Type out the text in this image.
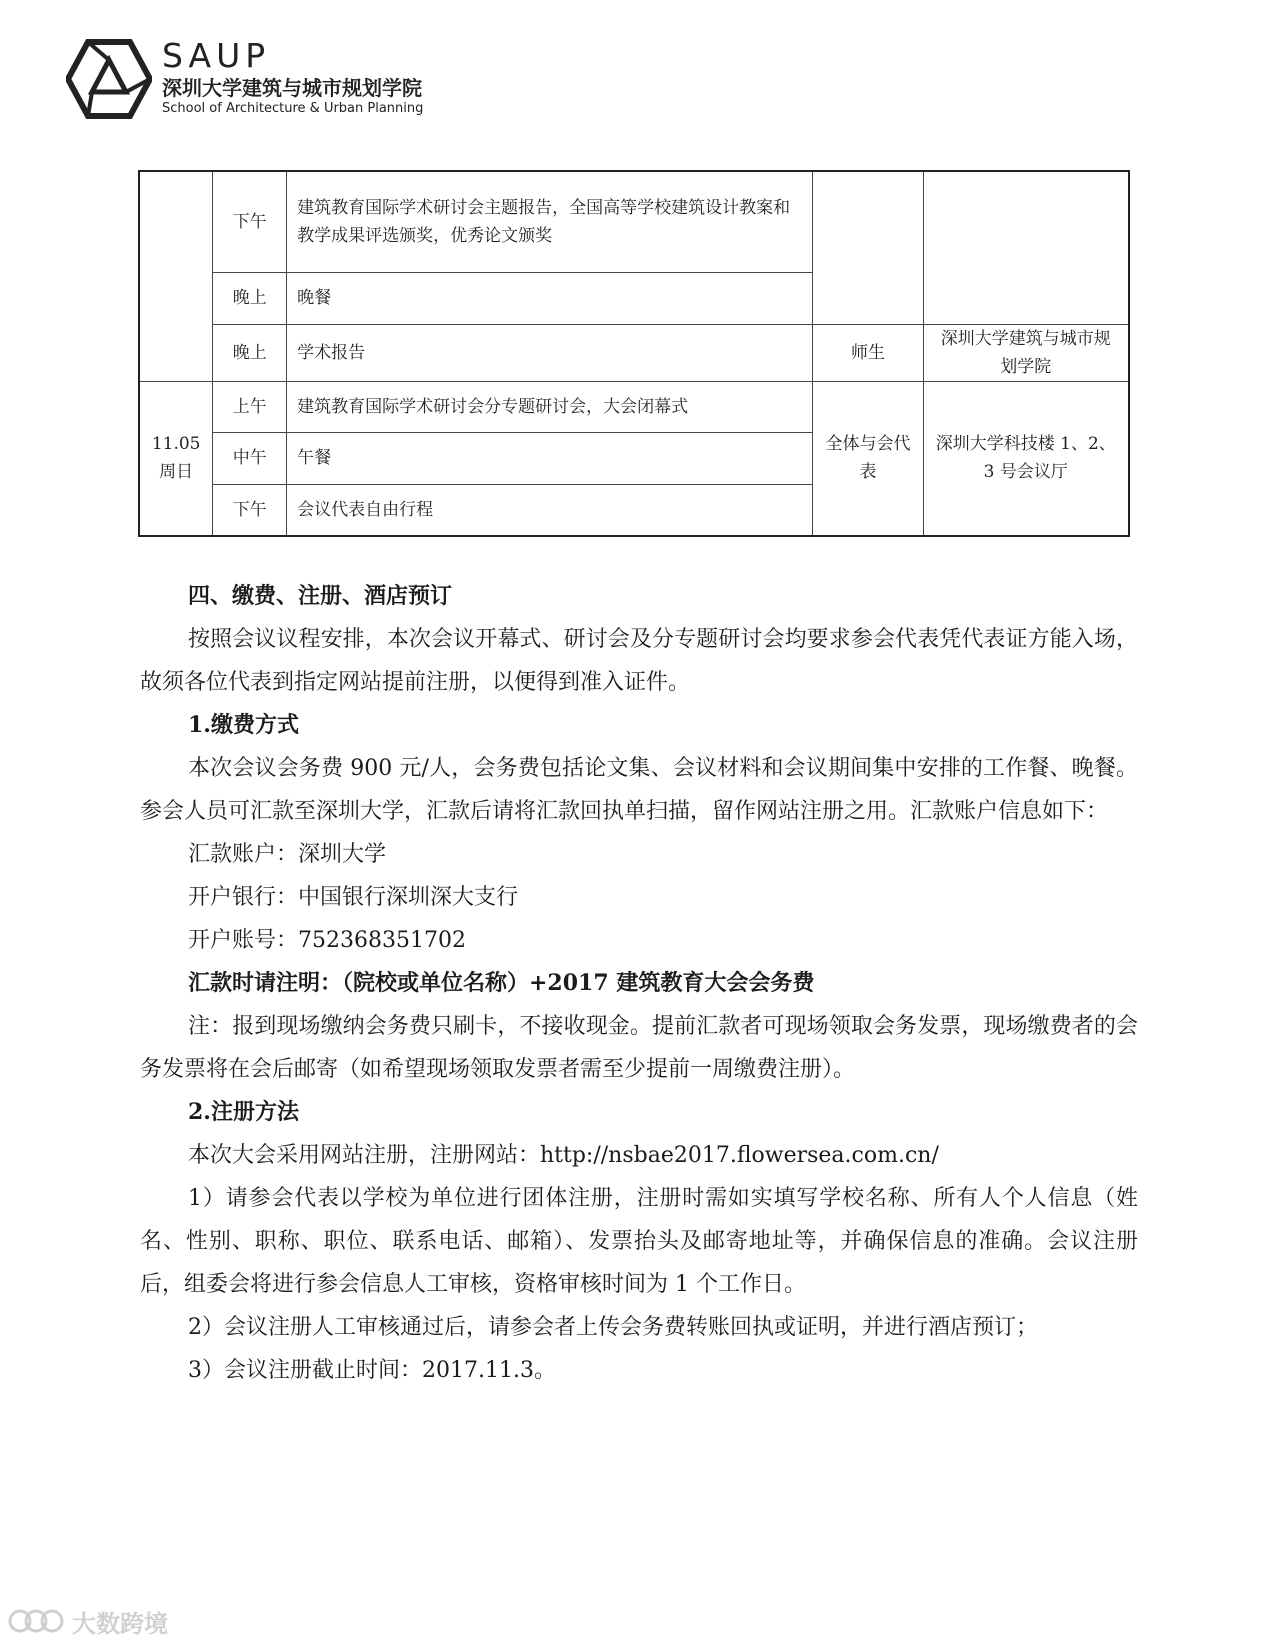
SAUP
深圳大学建筑与城市规划学院
School of Architecture & Urban Planning
	下午	建筑教育国际学术研讨会主题报告，全国高等学校建筑设计教案和教学成果评选颁奖，优秀论文颁奖		
	晚上	晚餐		
	晚上	学术报告	师生	深圳大学建筑与城市规划学院
11.05 周日	上午	建筑教育国际学术研讨会分专题研讨会，大会闭幕式	全体与会代表	深圳大学科技楼 1、2、3 号会议厅
	中午	午餐		
	下午	会议代表自由行程		

四、缴费、注册、酒店预订

按照会议议程安排，本次会议开幕式、研讨会及分专题研讨会均要求参会代表凭代表证方能入场，故须各位代表到指定网站提前注册，以便得到准入证件。

1.缴费方式

本次会议会务费 900 元/人，会务费包括论文集、会议材料和会议期间集中安排的工作餐、晚餐。参会人员可汇款至深圳大学，汇款后请将汇款回执单扫描，留作网站注册之用。汇款账户信息如下：

汇款账户：深圳大学

开户银行：中国银行深圳深大支行

开户账号：752368351702

汇款时请注明：（院校或单位名称）+2017 建筑教育大会会务费

注：报到现场缴纳会务费只刷卡，不接收现金。提前汇款者可现场领取会务发票，现场缴费者的会务发票将在会后邮寄（如希望现场领取发票者需至少提前一周缴费注册）。

2.注册方法

本次大会采用网站注册，注册网站：http://nsbae2017.flowersea.com.cn/

1）请参会代表以学校为单位进行团体注册，注册时需如实填写学校名称、所有人个人信息（姓名、性别、职称、职位、联系电话、邮箱）、发票抬头及邮寄地址等，并确保信息的准确。会议注册后，组委会将进行参会信息人工审核，资格审核时间为 1 个工作日。

2）会议注册人工审核通过后，请参会者上传会务费转账回执或证明，并进行酒店预订；

3）会议注册截止时间：2017.11.3。

大数跨境
